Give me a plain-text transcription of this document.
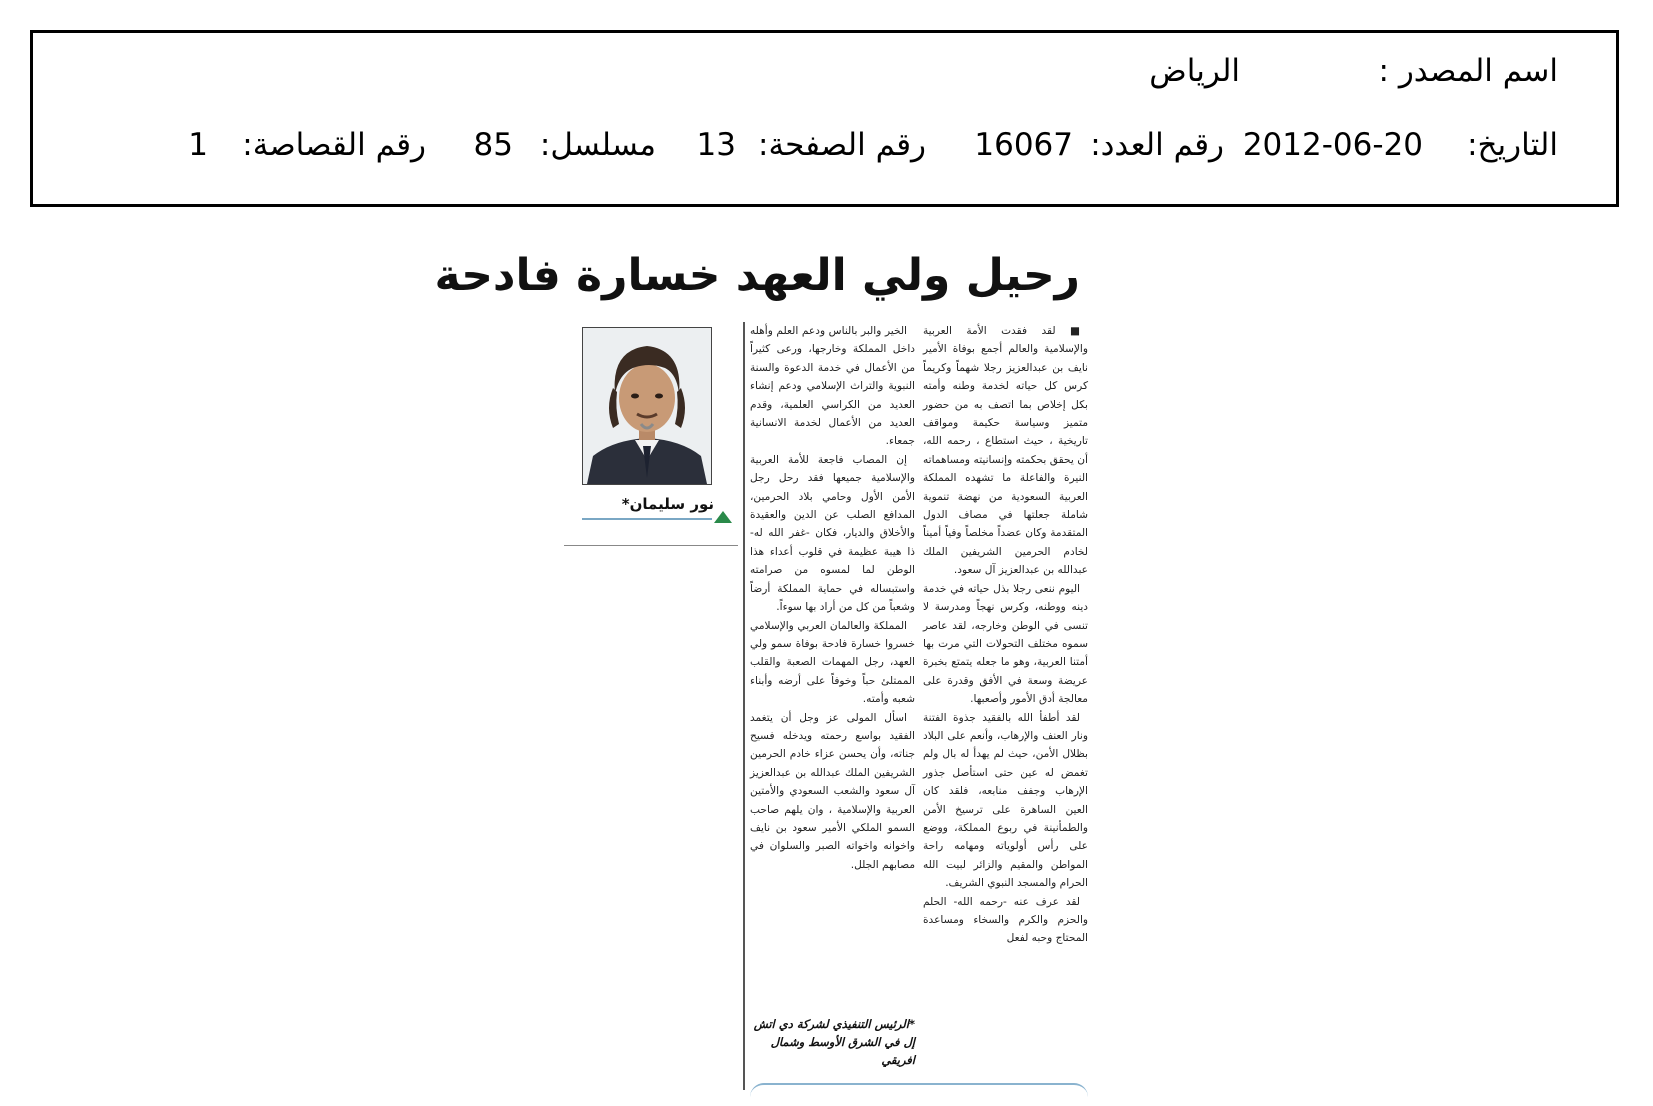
اسم المصدر :
الرياض
التاريخ:
2012-06-20
رقم العدد:
16067
رقم الصفحة:
13
مسلسل:
85
رقم القصاصة:
1
رحيل ولي العهد خسارة فادحة

■ لقد فقدت الأمة العربية والإسلامية والعالم أجمع بوفاة الأمير نايف بن عبدالعزيز رجلا شهماً وكريماً كرس كل حياته لخدمة وطنه وأمته بكل إخلاص بما اتصف به من حضور متميز وسياسة حكيمة ومواقف تاريخية ، حيث استطاع ، رحمه الله، أن يحقق بحكمته وإنسانيته ومساهماته النيرة والفاعلة ما تشهده المملكة العربية السعودية من نهضة تنموية شاملة جعلتها في مصاف الدول المتقدمة وكان عضداً مخلصاً وفياً أميناً لخادم الحرمين الشريفين الملك عبدالله بن عبدالعزيز آل سعود.

اليوم ننعى رجلا بذل حياته في خدمة دينه ووطنه، وكرس نهجاً ومدرسة لا تنسى في الوطن وخارجه، لقد عاصر سموه مختلف التحولات التي مرت بها أمتنا العربية، وهو ما جعله يتمتع بخبرة عريضة وسعة في الأفق وقدرة على معالجة أدق الأمور وأصعبها.

لقد أطفأ الله بالفقيد جذوة الفتنة ونار العنف والإرهاب، وأنعم على البلاد بظلال الأمن، حيث لم يهدأ له بال ولم تغمض له عين حتى استأصل جذور الإرهاب وجفف منابعه، فلقد كان العين الساهرة على ترسيخ الأمن والطمأنينة في ربوع المملكة، ووضع على رأس أولوياته ومهامه راحة المواطن والمقيم والزائر لبيت الله الحرام والمسجد النبوي الشريف.

لقد عرف عنه -رحمه الله- الحلم والحزم والكرم والسخاء ومساعدة المحتاج وحبه لفعل

الخير والبر بالناس ودعم العلم وأهله داخل المملكة وخارجها، ورعى كثيراً من الأعمال في خدمة الدعوة والسنة النبوية والتراث الإسلامي ودعم إنشاء العديد من الكراسي العلمية، وقدم العديد من الأعمال لخدمة الانسانية جمعاء.

إن المصاب فاجعة للأمة العربية والإسلامية جميعها فقد رحل رجل الأمن الأول وحامي بلاد الحرمين، المدافع الصلب عن الدين والعقيدة والأخلاق والديار، فكان -غفر الله له- ذا هيبة عظيمة في قلوب أعداء هذا الوطن لما لمسوه من صرامته واستبساله في حماية المملكة أرضاً وشعباً من كل من أراد بها سوءاً.

المملكة والعالمان العربي والإسلامي خسروا خسارة فادحة بوفاة سمو ولي العهد، رجل المهمات الصعبة والقلب الممتلئ حباً وخوفاً على أرضه وأبناء شعبه وأمته.

اسأل المولى عز وجل أن يتغمد الفقيد بواسع رحمته ويدخله فسيح جناته، وأن يحسن عزاء خادم الحرمين الشريفين الملك عبدالله بن عبدالعزيز آل سعود والشعب السعودي والأمتين العربية والإسلامية ، وان يلهم صاحب السمو الملكي الأمير سعود بن نايف واخوانه واخواته الصبر والسلوان في مصابهم الجلل.

نور سليمان*
*الرئيس التنفيذي لشركة دي اتش إل في الشرق الأوسط وشمال افريقي
